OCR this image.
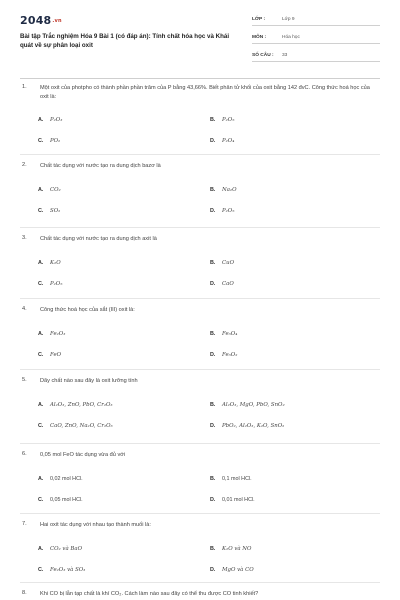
2048.vn
Bài tập Trắc nghiệm Hóa 9 Bài 1 (có đáp án): Tính chất hóa học và Khái quát về sự phân loại oxit
LỚP :	Lớp 9
MÔN :	Hóa học
SỐ CÂU :	33
1. Một oxit của photpho có thành phần phần trăm của P bằng 43,66%. Biết phân tử khối của oxit bằng 142 đvC. Công thức hoá học của oxit là:
A.	P₂O₃	B.	P₂O₅
C.	PO₂	D.	P₂O₄
2. Chất tác dụng với nước tạo ra dung dịch bazơ là
A.	CO₂	B.	Na₂O
C.	SO₂	D.	P₂O₅
3. Chất tác dụng với nước tạo ra dung dịch axit là
A.	K₂O	B.	CuO
C.	P₂O₅	D.	CaO
4. Công thức hoá học của sắt (III) oxit là:
A.	Fe₂O₃	B.	Fe₃O₄
C.	FeO	D.	Fe₃O₂
5. Dãy chất nào sau đây là oxit lưỡng tính
A.	Al₂O₃, ZnO, PbO, Cr₂O₃	B.	Al₂O₃, MgO, PbO, SnO₂
C.	CaO, ZnO, Na₂O, Cr₂O₃	D.	PbO₂, Al₂O₃, K₂O, SnO₂
6. 0,05 mol FeO tác dụng vừa đủ với
A.	0,02 mol HCl.	B.	0,1 mol HCl.
C.	0,05 mol HCl.	D.	0,01 mol HCl.
7. Hai oxit tác dụng với nhau tạo thành muối là:
A.	CO₂ và BaO	B.	K₂O và NO
C.	Fe₂O₃ và SO₃	D.	MgO và CO
8. Khi CO bị lẫn tạp chất là khí CO₂. Cách làm nào sau đây có thể thu được CO tinh khiết?
